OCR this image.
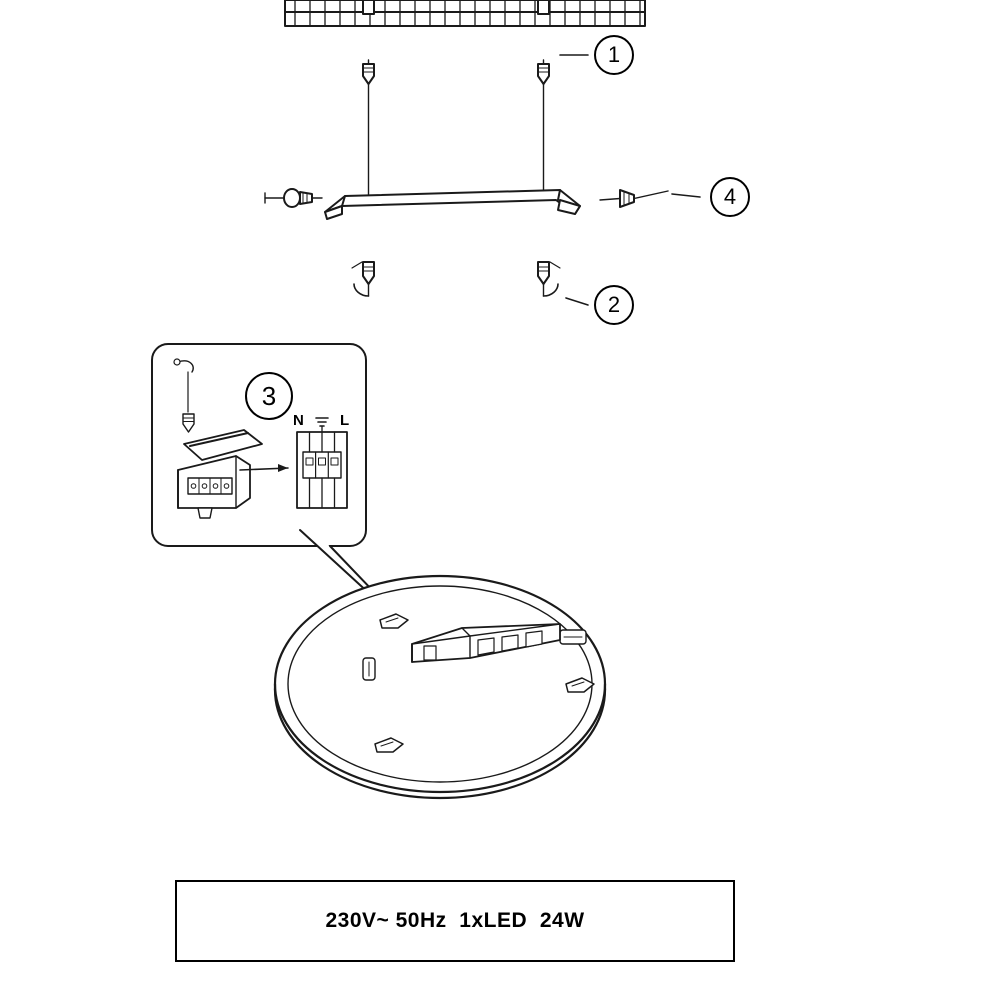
1
2
3
4
N L
230V~ 50Hz  1xLED  24W
